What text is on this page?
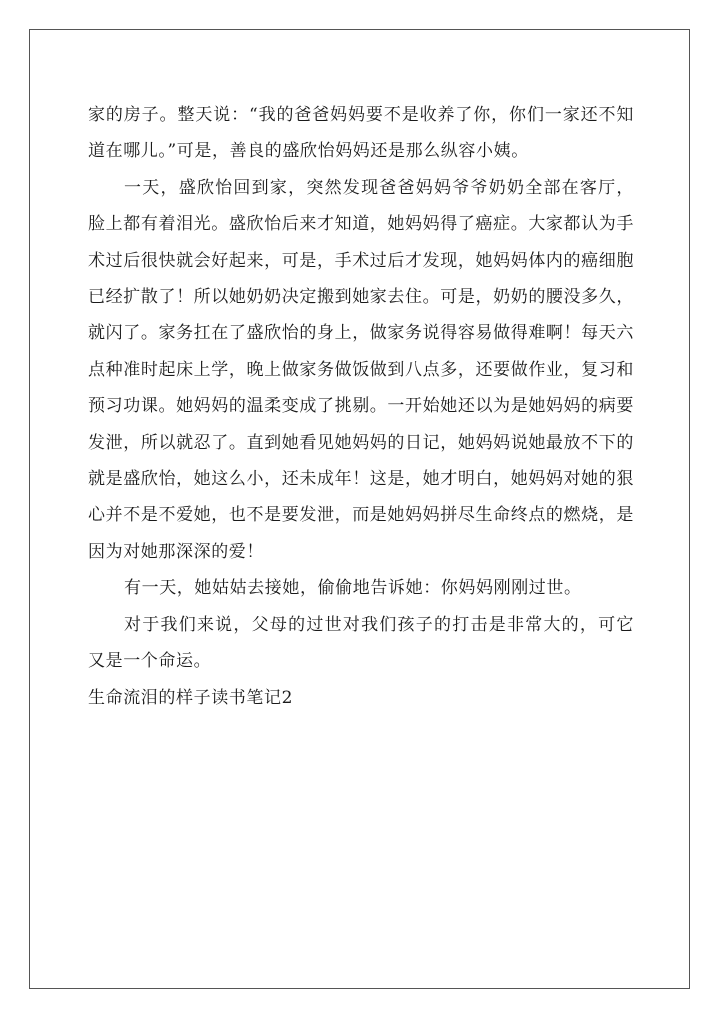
家的房子。整天说：“我的爸爸妈妈要不是收养了你，你们一家还不知道在哪儿。”可是，善良的盛欣怡妈妈还是那么纵容小姨。

一天，盛欣怡回到家，突然发现爸爸妈妈爷爷奶奶全部在客厅，脸上都有着泪光。盛欣怡后来才知道，她妈妈得了癌症。大家都认为手术过后很快就会好起来，可是，手术过后才发现，她妈妈体内的癌细胞已经扩散了！所以她奶奶决定搬到她家去住。可是，奶奶的腰没多久，就闪了。家务扛在了盛欣怡的身上，做家务说得容易做得难啊！每天六点种准时起床上学，晚上做家务做饭做到八点多，还要做作业，复习和预习功课。她妈妈的温柔变成了挑剔。一开始她还以为是她妈妈的病要发泄，所以就忍了。直到她看见她妈妈的日记，她妈妈说她最放不下的就是盛欣怡，她这么小，还未成年！这是，她才明白，她妈妈对她的狠心并不是不爱她，也不是要发泄，而是她妈妈拼尽生命终点的燃烧，是因为对她那深深的爱！

有一天，她姑姑去接她，偷偷地告诉她：你妈妈刚刚过世。

对于我们来说，父母的过世对我们孩子的打击是非常大的，可它又是一个命运。

生命流泪的样子读书笔记2
